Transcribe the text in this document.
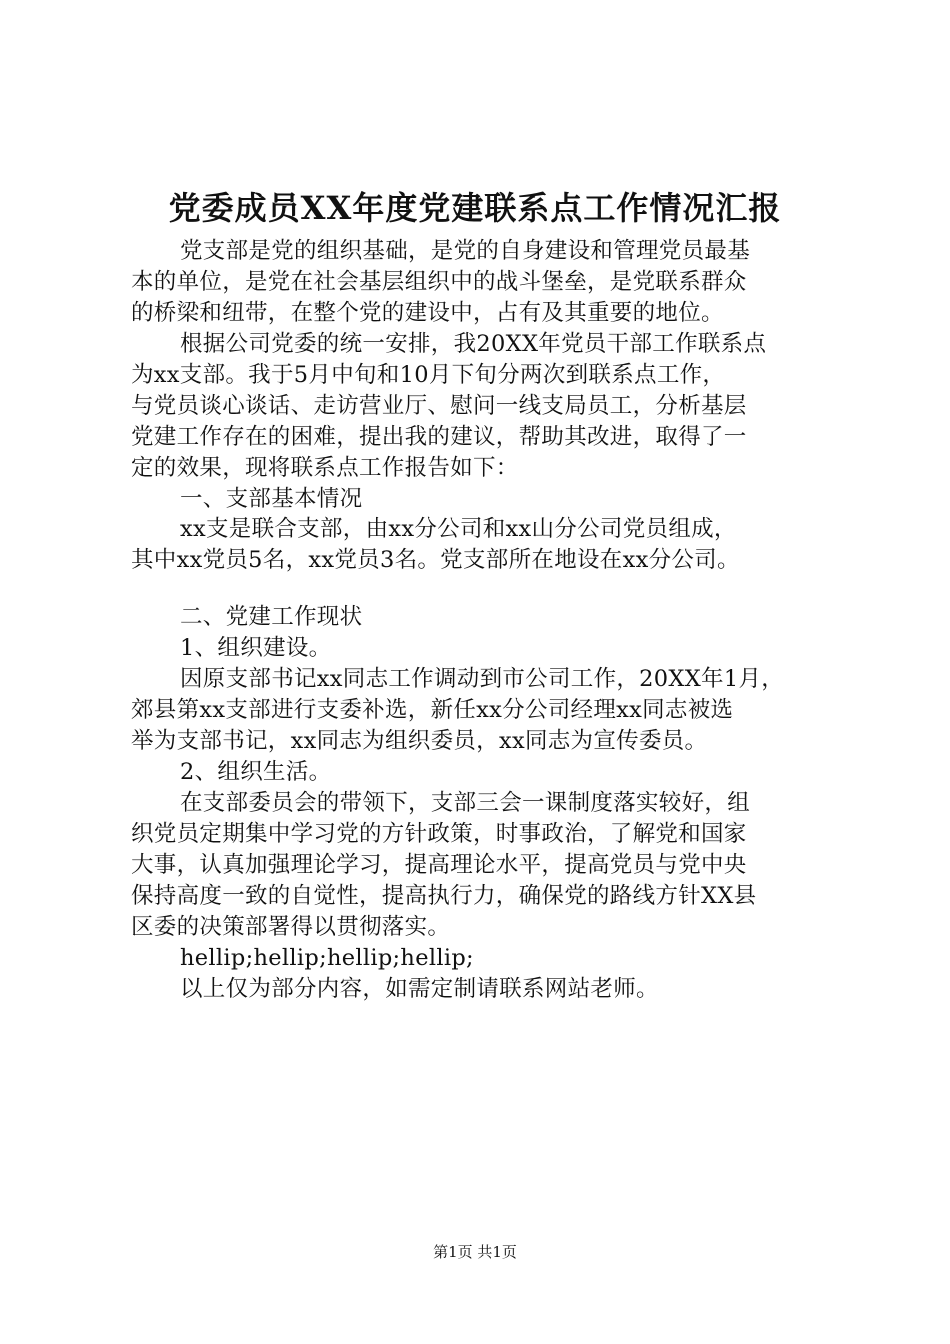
党委成员XX年度党建联系点工作情况汇报
党支部是党的组织基础，是党的自身建设和管理党员最基
本的单位，是党在社会基层组织中的战斗堡垒，是党联系群众
的桥梁和纽带，在整个党的建设中，占有及其重要的地位。
根据公司党委的统一安排，我20XX年党员干部工作联系点
为xx支部。我于5月中旬和10月下旬分两次到联系点工作，
与党员谈心谈话、走访营业厅、慰问一线支局员工，分析基层
党建工作存在的困难，提出我的建议，帮助其改进，取得了一
定的效果，现将联系点工作报告如下：
一、支部基本情况
xx支是联合支部，由xx分公司和xx山分公司党员组成，
其中xx党员5名，xx党员3名。党支部所在地设在xx分公司。
二、党建工作现状
1、组织建设。
因原支部书记xx同志工作调动到市公司工作，20XX年1月，
郊县第xx支部进行支委补选，新任xx分公司经理xx同志被选
举为支部书记，xx同志为组织委员，xx同志为宣传委员。
2、组织生活。
在支部委员会的带领下，支部三会一课制度落实较好，组
织党员定期集中学习党的方针政策，时事政治，了解党和国家
大事，认真加强理论学习，提高理论水平，提高党员与党中央
保持高度一致的自觉性，提高执行力，确保党的路线方针XX县
区委的决策部署得以贯彻落实。
hellip;hellip;hellip;hellip;
以上仅为部分内容，如需定制请联系网站老师。
第1页 共1页
